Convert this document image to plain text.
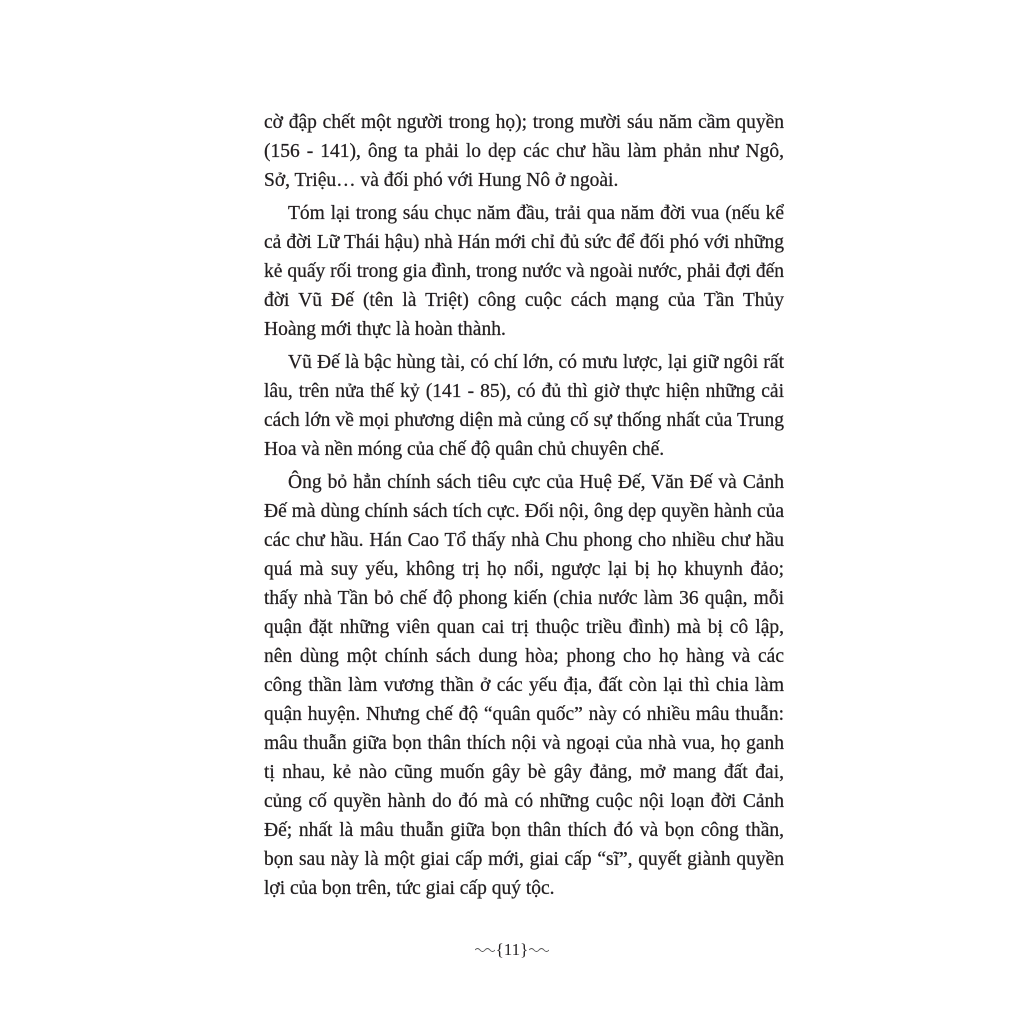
cờ đập chết một người trong họ); trong mười sáu năm cầm quyền (156 - 141), ông ta phải lo dẹp các chư hầu làm phản như Ngô, Sở, Triệu… và đối phó với Hung Nô ở ngoài.

Tóm lại trong sáu chục năm đầu, trải qua năm đời vua (nếu kể cả đời Lữ Thái hậu) nhà Hán mới chỉ đủ sức để đối phó với những kẻ quấy rối trong gia đình, trong nước và ngoài nước, phải đợi đến đời Vũ Đế (tên là Triệt) công cuộc cách mạng của Tần Thủy Hoàng mới thực là hoàn thành.

Vũ Đế là bậc hùng tài, có chí lớn, có mưu lược, lại giữ ngôi rất lâu, trên nửa thế kỷ (141 - 85), có đủ thì giờ thực hiện những cải cách lớn về mọi phương diện mà củng cố sự thống nhất của Trung Hoa và nền móng của chế độ quân chủ chuyên chế.

Ông bỏ hẳn chính sách tiêu cực của Huệ Đế, Văn Đế và Cảnh Đế mà dùng chính sách tích cực. Đối nội, ông dẹp quyền hành của các chư hầu. Hán Cao Tổ thấy nhà Chu phong cho nhiều chư hầu quá mà suy yếu, không trị họ nổi, ngược lại bị họ khuynh đảo; thấy nhà Tần bỏ chế độ phong kiến (chia nước làm 36 quận, mỗi quận đặt những viên quan cai trị thuộc triều đình) mà bị cô lập, nên dùng một chính sách dung hòa; phong cho họ hàng và các công thần làm vương thần ở các yếu địa, đất còn lại thì chia làm quận huyện. Nhưng chế độ “quân quốc” này có nhiều mâu thuẫn: mâu thuẫn giữa bọn thân thích nội và ngoại của nhà vua, họ ganh tị nhau, kẻ nào cũng muốn gây bè gây đảng, mở mang đất đai, củng cố quyền hành do đó mà có những cuộc nội loạn đời Cảnh Đế; nhất là mâu thuẫn giữa bọn thân thích đó và bọn công thần, bọn sau này là một giai cấp mới, giai cấp “sĩ”, quyết giành quyền lợi của bọn trên, tức giai cấp quý tộc.

{11}
